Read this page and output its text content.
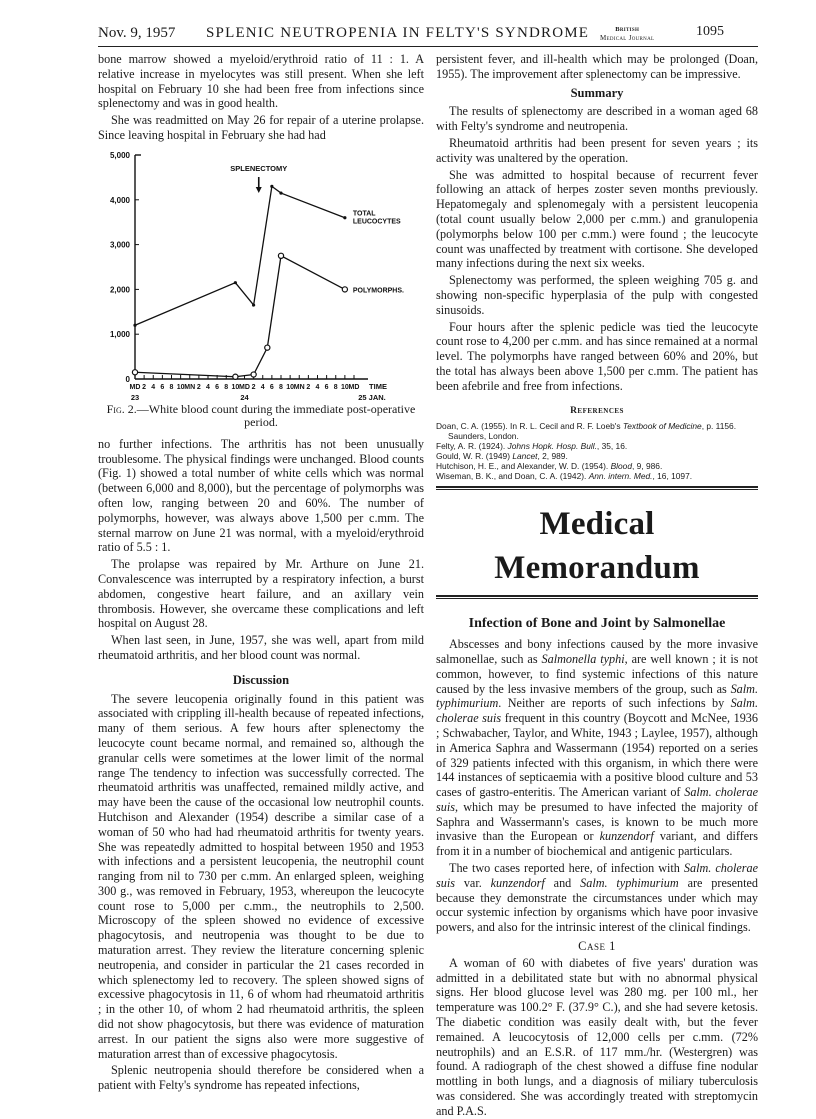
Nov. 9, 1957 SPLENIC NEUTROPENIA IN FELTY'S SYNDROME	British
Medical Journal	1095

bone marrow showed a myeloid/erythroid ratio of 11 : 1. A relative increase in myelocytes was still present. When she left hospital on February 10 she had been free from infections since splenectomy and was in good health.

She was readmitted on May 26 for repair of a uterine prolapse. Since leaving hospital in February she had had

5,000
4,000
3,000
2,000
1,000
0
MD 2 4 6 8 10 MN 2 4 6 8 10 MD 2 4 6 8 10 MN 2 4 6 8 10 MD TIME
23	24	25 JAN.
SPLENECTOMY
TOTAL
LEUCOCYTES
POLYMORPHS.
Fig. 2.—White blood count during the immediate post-operative period.

no further infections. The arthritis has not been unusually troublesome. The physical findings were unchanged. Blood counts (Fig. 1) showed a total number of white cells which was normal (between 6,000 and 8,000), but the percentage of polymorphs was often low, ranging between 20 and 60%. The number of polymorphs, however, was always above 1,500 per c.mm. The sternal marrow on June 21 was normal, with a myeloid/erythroid ratio of 5.5 : 1.

The prolapse was repaired by Mr. Arthure on June 21. Convalescence was interrupted by a respiratory infection, a burst abdomen, congestive heart failure, and an axillary vein thrombosis. However, she overcame these complications and left hospital on August 28.

When last seen, in June, 1957, she was well, apart from mild rheumatoid arthritis, and her blood count was normal.

Discussion

The severe leucopenia originally found in this patient was associated with crippling ill-health because of repeated infections, many of them serious. A few hours after splenectomy the leucocyte count became normal, and remained so, although the granular cells were sometimes at the lower limit of the normal range The tendency to infection was successfully corrected. The rheumatoid arthritis was unaffected, remained mildly active, and may have been the cause of the occasional low neutrophil counts. Hutchison and Alexander (1954) describe a similar case of a woman of 50 who had had rheumatoid arthritis for twenty years. She was repeatedly admitted to hospital between 1950 and 1953 with infections and a persistent leucopenia, the neutrophil count ranging from nil to 730 per c.mm. An enlarged spleen, weighing 300 g., was removed in February, 1953, whereupon the leucocyte count rose to 5,000 per c.mm., the neutrophils to 2,500. Microscopy of the spleen showed no evidence of excessive phagocytosis, and neutropenia was thought to be due to maturation arrest. They review the literature concerning splenic neutropenia, and consider in particular the 21 cases recorded in which splenectomy led to recovery. The spleen showed signs of excessive phagocytosis in 11, 6 of whom had rheumatoid arthritis ; in the other 10, of whom 2 had rheumatoid arthritis, the spleen did not show phagocytosis, but there was evidence of maturation arrest. In our patient the signs also were more suggestive of maturation arrest than of excessive phagocytosis.

Splenic neutropenia should therefore be considered when a patient with Felty's syndrome has repeated infections,

persistent fever, and ill-health which may be prolonged (Doan, 1955). The improvement after splenectomy can be impressive.

Summary

The results of splenectomy are described in a woman aged 68 with Felty's syndrome and neutropenia.

Rheumatoid arthritis had been present for seven years ; its activity was unaltered by the operation.

She was admitted to hospital because of recurrent fever following an attack of herpes zoster seven months previously. Hepatomegaly and splenomegaly with a persistent leucopenia (total count usually below 2,000 per c.mm.) and granulopenia (polymorphs below 100 per c.mm.) were found ; the leucocyte count was unaffected by treatment with cortisone. She developed many infections during the next six weeks.

Splenectomy was performed, the spleen weighing 705 g. and showing non-specific hyperplasia of the pulp with congested sinusoids.

Four hours after the splenic pedicle was tied the leucocyte count rose to 4,200 per c.mm. and has since remained at a normal level. The polymorphs have ranged between 60% and 20%, but the total has always been above 1,500 per c.mm. The patient has been afebrile and free from infections.

References
Doan, C. A. (1955). In R. L. Cecil and R. F. Loeb's Textbook of Medicine, p. 1156. Saunders, London.
Felty, A. R. (1924). Johns Hopk. Hosp. Bull., 35, 16.
Gould, W. R. (1949) Lancet, 2, 989.
Hutchison, H. E., and Alexander, W. D. (1954). Blood, 9, 986.
Wiseman, B. K., and Doan, C. A. (1942). Ann. intern. Med., 16, 1097.
Medical Memorandum
Infection of Bone and Joint by Salmonellae

Abscesses and bony infections caused by the more invasive salmonellae, such as Salmonella typhi, are well known ; it is not common, however, to find systemic infections of this nature caused by the less invasive members of the group, such as Salm. typhimurium. Neither are reports of such infections by Salm. cholerae suis frequent in this country (Boycott and McNee, 1936 ; Schwabacher, Taylor, and White, 1943 ; Laylee, 1957), although in America Saphra and Wassermann (1954) reported on a series of 329 patients infected with this organism, in which there were 144 instances of septicaemia with a positive blood culture and 53 cases of gastro-enteritis. The American variant of Salm. cholerae suis, which may be presumed to have infected the majority of Saphra and Wassermann's cases, is known to be much more invasive than the European or kunzendorf variant, and differs from it in a number of biochemical and antigenic particulars.

The two cases reported here, of infection with Salm. cholerae suis var. kunzendorf and Salm. typhimurium are presented because they demonstrate the circumstances under which may occur systemic infection by organisms which have poor invasive powers, and also for the intrinsic interest of the clinical findings.

Case 1

A woman of 60 with diabetes of five years' duration was admitted in a debilitated state but with no abnormal physical signs. Her blood glucose level was 280 mg. per 100 ml., her temperature was 100.2° F. (37.9° C.), and she had severe ketosis. The diabetic condition was easily dealt with, but the fever remained. A leucocytosis of 12,000 cells per c.mm. (72% neutrophils) and an E.S.R. of 117 mm./hr. (Westergren) was found. A radiograph of the chest showed a diffuse fine nodular mottling in both lungs, and a diagnosis of miliary tuberculosis was considered. She was accordingly treated with streptomycin and P.A.S.
